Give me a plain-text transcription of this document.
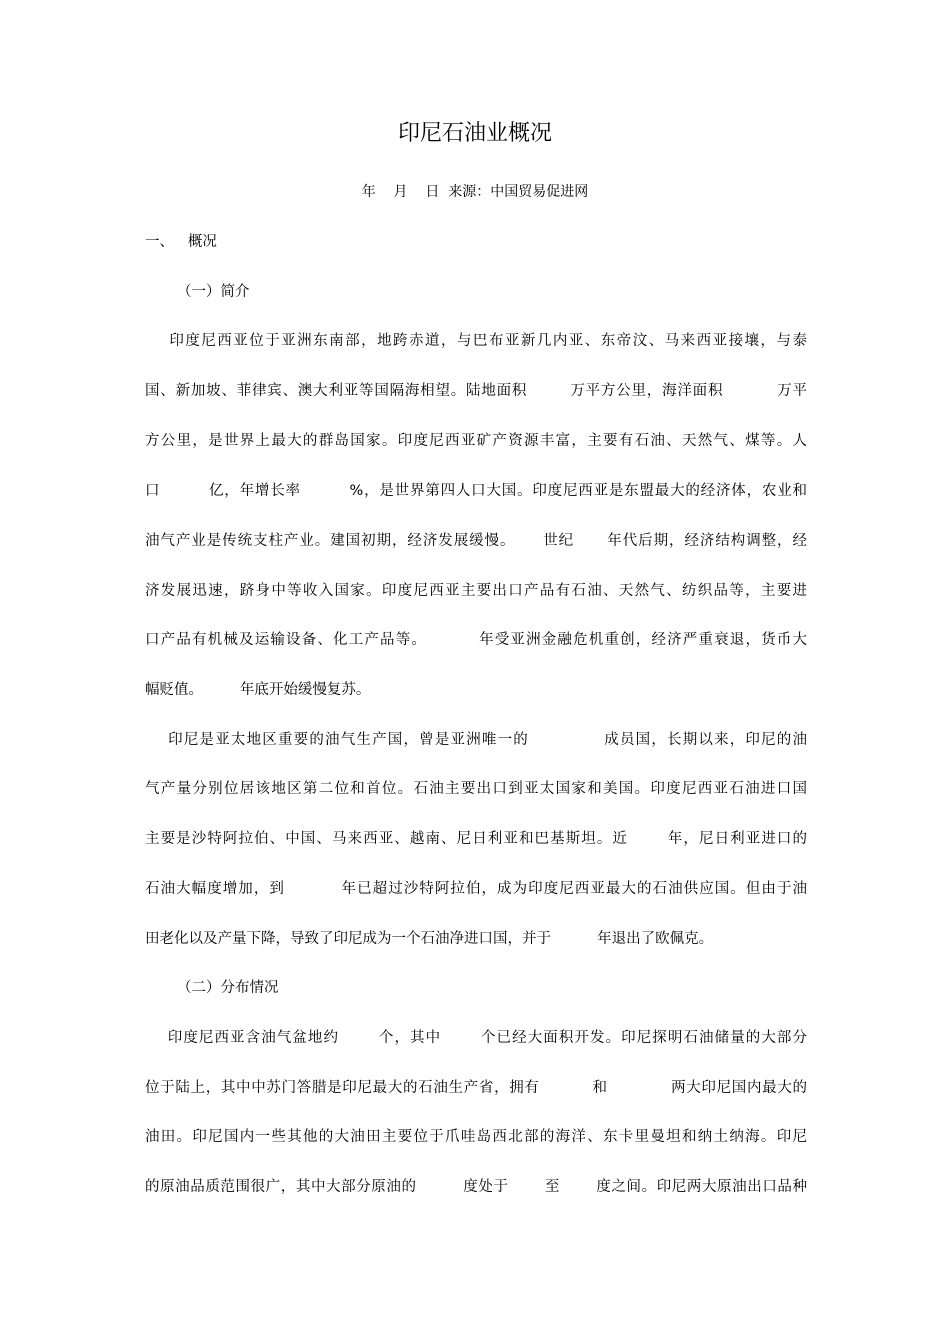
印尼石油业概况
年    月    日  来源：中国贸易促进网
一、   概况
（一）简介
印度尼西亚位于亚洲东南部，地跨赤道，与巴布亚新几内亚、东帝汶、马来西亚接壤，与泰
国、新加坡、菲律宾、澳大利亚等国隔海相望。陆地面积        万平方公里，海洋面积          万平
方公里，是世界上最大的群岛国家。印度尼西亚矿产资源丰富，主要有石油、天然气、煤等。人
口         亿，年增长率         %，是世界第四人口大国。印度尼西亚是东盟最大的经济体，农业和
油气产业是传统支柱产业。建国初期，经济发展缓慢。     世纪      年代后期，经济结构调整，经
济发展迅速，跻身中等收入国家。印度尼西亚主要出口产品有石油、天然气、纺织品等，主要进
口产品有机械及运输设备、化工产品等。         年受亚洲金融危机重创，经济严重衰退，货币大
幅贬值。        年底开始缓慢复苏。
印尼是亚太地区重要的油气生产国，曾是亚洲唯一的             成员国，长期以来，印尼的油
气产量分别位居该地区第二位和首位。石油主要出口到亚太国家和美国。印度尼西亚石油进口国
主要是沙特阿拉伯、中国、马来西亚、越南、尼日利亚和巴基斯坦。近       年，尼日利亚进口的
石油大幅度增加，到          年已超过沙特阿拉伯，成为印度尼西亚最大的石油供应国。但由于油
田老化以及产量下降，导致了印尼成为一个石油净进口国，并于          年退出了欧佩克。
（二）分布情况
印度尼西亚含油气盆地约       个，其中       个已经大面积开发。印尼探明石油储量的大部分
位于陆上，其中中苏门答腊是印尼最大的石油生产省，拥有          和            两大印尼国内最大的
油田。印尼国内一些其他的大油田主要位于爪哇岛西北部的海洋、东卡里曼坦和纳土纳海。印尼
的原油品质范围很广，其中大部分原油的         度处于       至       度之间。印尼两大原油出口品种
